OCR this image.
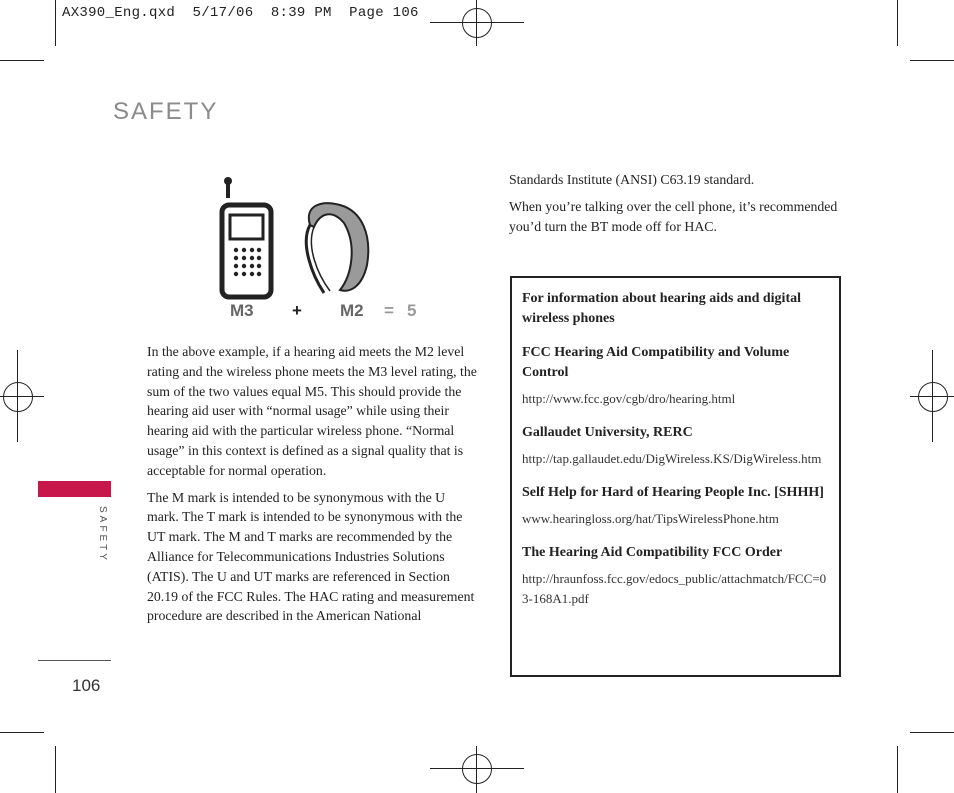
AX390_Eng.qxd  5/17/06  8:39 PM  Page 106
SAFETY
M3 + M2 = 5

In the above example, if a hearing aid meets the M2 level rating and the wireless phone meets the M3 level rating, the sum of the two values equal M5. This should provide the hearing aid user with “normal usage” while using their hearing aid with the particular wireless phone. “Normal usage” in this context is defined as a signal quality that is acceptable for normal operation.

The M mark is intended to be synonymous with the U mark. The T mark is intended to be synonymous with the UT mark. The M and T marks are recommended by the Alliance for Telecommunications Industries Solutions (ATIS). The U and UT marks are referenced in Section 20.19 of the FCC Rules. The HAC rating and measurement procedure are described in the American National

Standards Institute (ANSI) C63.19 standard.

When you’re talking over the cell phone, it’s recommended you’d turn the BT mode off for HAC.

For information about hearing aids and digital wireless phones
FCC Hearing Aid Compatibility and Volume Control
http://www.fcc.gov/cgb/dro/hearing.html
Gallaudet University, RERC
http://tap.gallaudet.edu/DigWireless.KS/DigWireless.htm
Self Help for Hard of Hearing People Inc. [SHHH]
www.hearingloss.org/hat/TipsWirelessPhone.htm
The Hearing Aid Compatibility FCC Order
http://hraunfoss.fcc.gov/edocs_public/attachmatch/FCC=03-168A1.pdf
SAFETY
106
